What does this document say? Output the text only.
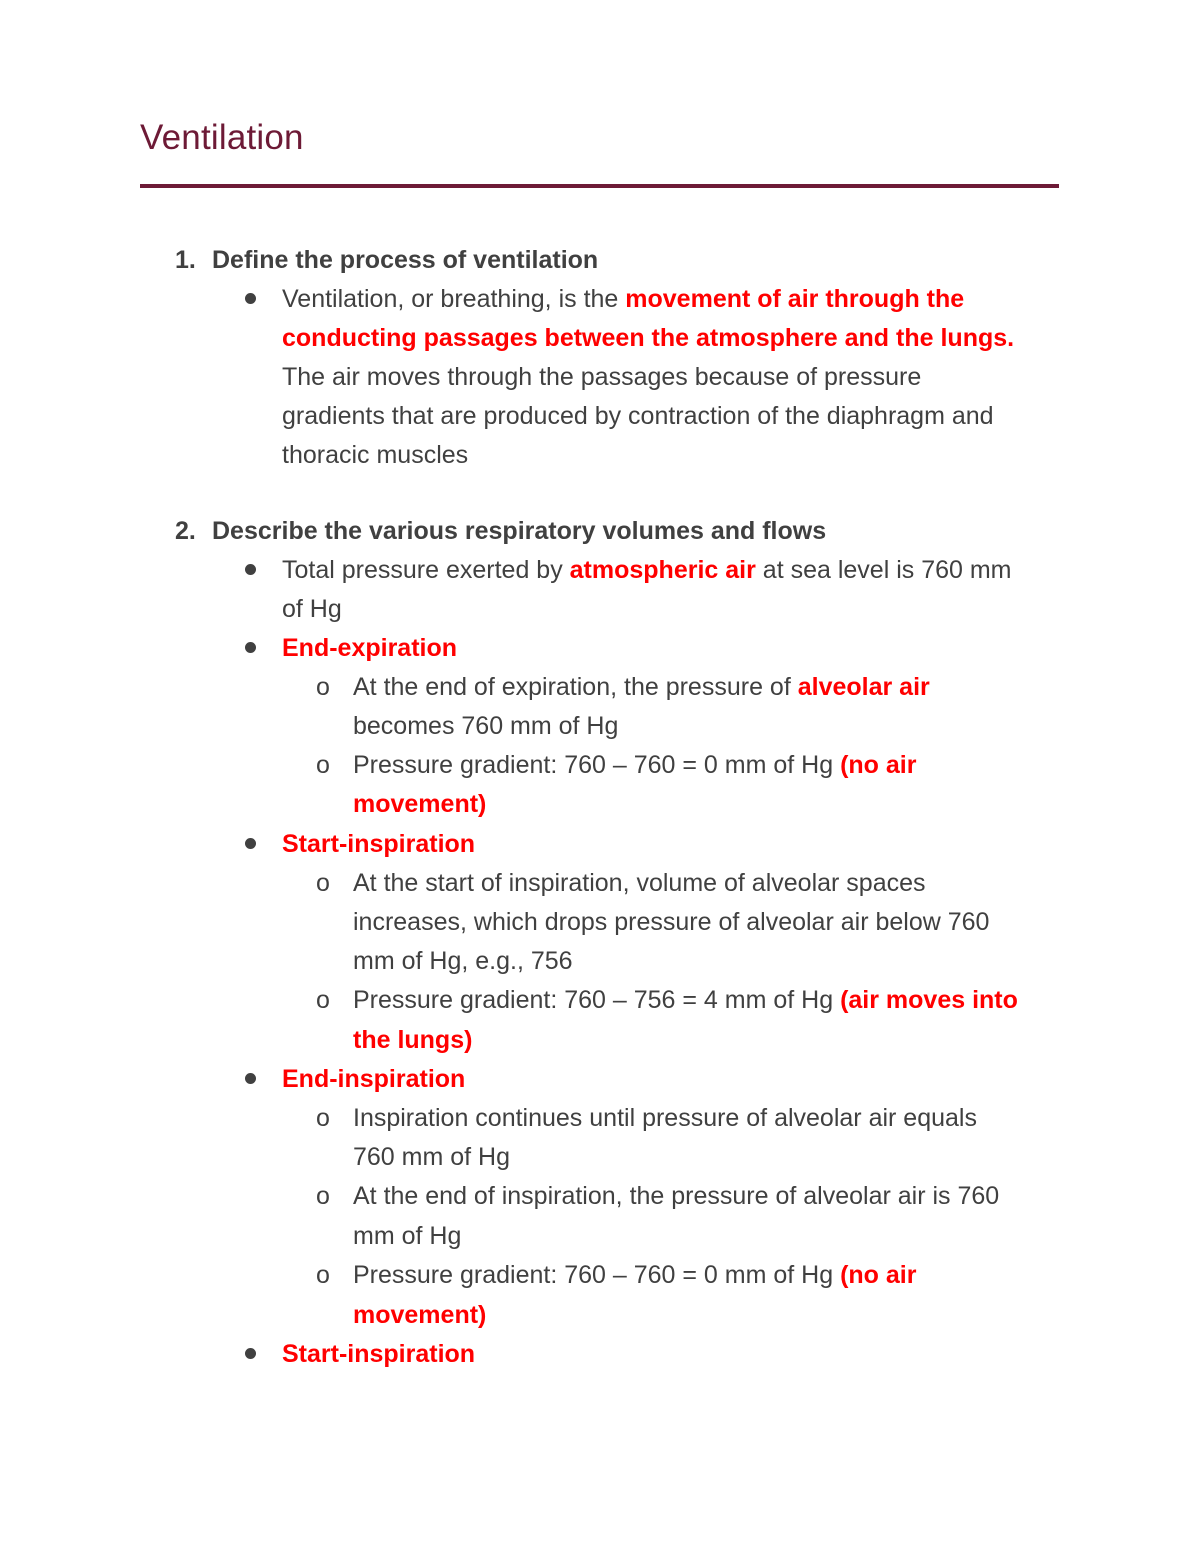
Ventilation
1. Define the process of ventilation
Ventilation, or breathing, is the movement of air through the
conducting passages between the atmosphere and the lungs.
The air moves through the passages because of pressure
gradients that are produced by contraction of the diaphragm and
thoracic muscles
2. Describe the various respiratory volumes and flows
Total pressure exerted by atmospheric air at sea level is 760 mm
of Hg
End-expiration
o At the end of expiration, the pressure of alveolar air
becomes 760 mm of Hg
o Pressure gradient: 760 – 760 = 0 mm of Hg (no air
movement)
Start-inspiration
o At the start of inspiration, volume of alveolar spaces
increases, which drops pressure of alveolar air below 760
mm of Hg, e.g., 756
o Pressure gradient: 760 – 756 = 4 mm of Hg (air moves into
the lungs)
End-inspiration
o Inspiration continues until pressure of alveolar air equals
760 mm of Hg
o At the end of inspiration, the pressure of alveolar air is 760
mm of Hg
o Pressure gradient: 760 – 760 = 0 mm of Hg (no air
movement)
Start-inspiration
